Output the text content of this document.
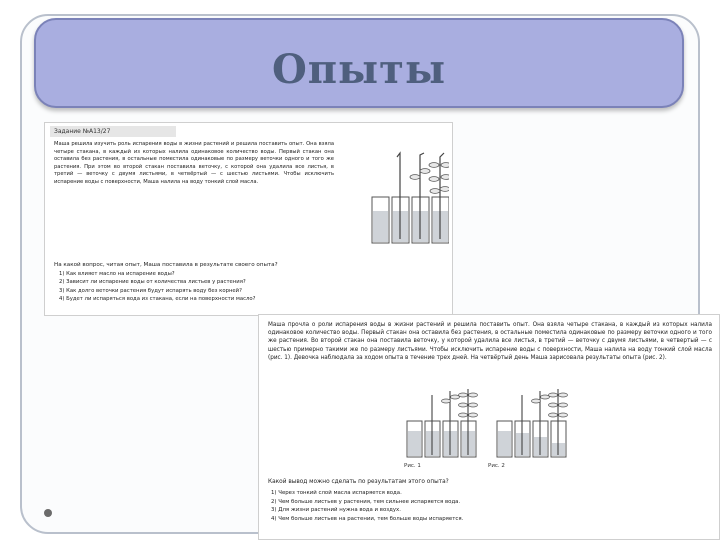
Опыты
Задание №А13/27

Маша решила изучить роль испарения воды в жизни растений и решила поставить опыт. Она взяла четыре стакана, в каждый из которых налила одинаковое количество воды. Первый стакан она оставила без растения, в остальные поместила одинаковые по размеру веточки одного и того же растения. При этом во второй стакан поставила веточку, с которой она удалила все листья, в третий — веточку с двумя листьями, в четвёртый — с шестью листьями. Чтобы исключить испарение воды с поверхности, Маша налила на воду тонкий слой масла.

На какой вопрос, читая опыт, Маша поставила в результате своего опыта?

1) Как влияет масло на испарение воды?
2) Зависит ли испарение воды от количества листьев у растения?
3) Как долго веточки растения будут испарять воду без корней?
4) Будет ли испаряться вода из стакана, если на поверхности масло?

Маша прочла о роли испарения воды в жизни растений и решила поставить опыт. Она взяла четыре стакана, в каждый из которых налила одинаковое количество воды. Первый стакан она оставила без растения, в остальные поместила одинаковые по размеру веточки одного и того же растения. Во второй стакан она поставила веточку, у которой удалила все листья, в третий — веточку с двумя листьями, в четвертый — с шестью примерно такими же по размеру листьями. Чтобы исключить испарение воды с поверхности, Маша налила на воду тонкий слой масла (рис. 1). Девочка наблюдала за ходом опыта в течение трех дней. На четвёртый день Маша зарисовала результаты опыта (рис. 2).

Какой вывод можно сделать по результатам этого опыта?

1) Через тонкий слой масла испаряется вода.
2) Чем больше листьев у растения, тем сильнее испаряется вода.
3) Для жизни растений нужна вода и воздух.
4) Чем больше листьев на растении, тем больше воды испаряется.
Рис. 1	Рис. 2
